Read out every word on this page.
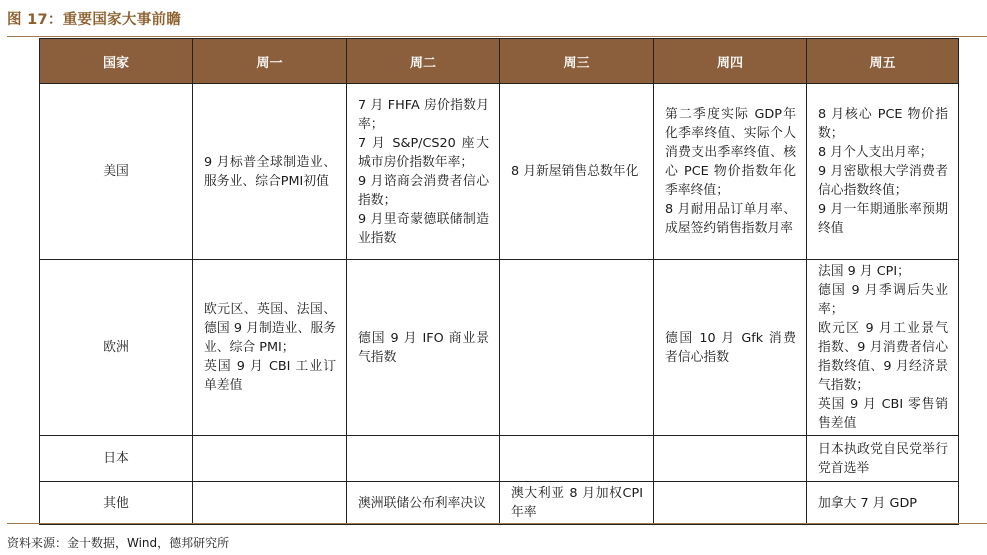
图 17：重要国家大事前瞻
国家	周一	周二	周三	周四	周五
美国	9 月标普全球制造业、服务业、综合PMI初值	7 月 FHFA 房价指数月率；
7 月 S&P/CS20 座大城市房价指数年率；
9 月谘商会消费者信心指数；
9 月里奇蒙德联储制造业指数	8 月新屋销售总数年化	第二季度实际 GDP年化季率终值、实际个人消费支出季率终值、核心 PCE 物价指数年化季率终值；
8 月耐用品订单月率、成屋签约销售指数月率	8 月核心 PCE 物价指数；
8 月个人支出月率；
9 月密歇根大学消费者信心指数终值；
9 月一年期通胀率预期终值
欧洲	欧元区、英国、法国、德国 9 月制造业、服务业、综合 PMI；
英国 9 月 CBI 工业订单差值	德国 9 月 IFO 商业景气指数		德国 10 月 Gfk 消费者信心指数	法国 9 月 CPI；
德国 9 月季调后失业率；
欧元区 9 月工业景气指数、9 月消费者信心指数终值、9 月经济景气指数；
英国 9 月 CBI 零售销售差值
日本					日本执政党自民党举行党首选举
其他		澳洲联储公布利率决议	澳大利亚 8 月加权CPI 年率		加拿大 7 月 GDP
资料来源：金十数据，Wind，德邦研究所
